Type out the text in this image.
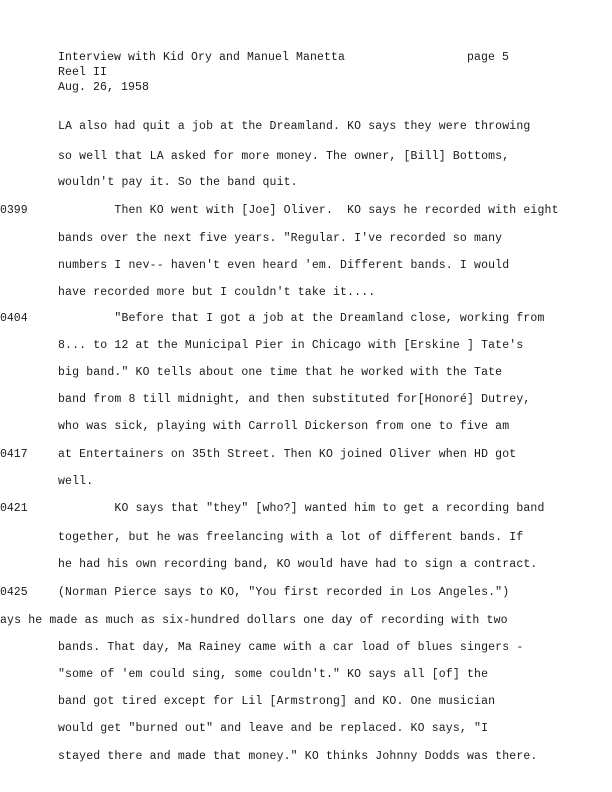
Interview with Kid Ory and Manuel Manetta	page 5
Reel II
Aug. 26, 1958
LA also had quit a job at the Dreamland. KO says they were throwing
so well that LA asked for more money. The owner, [Bill] Bottoms,
wouldn't pay it. So the band quit.
0399	Then KO went with [Joe] Oliver.  KO says he recorded with eight
bands over the next five years. "Regular. I've recorded so many
numbers I nev-- haven't even heard 'em. Different bands. I would
have recorded more but I couldn't take it....
0404	"Before that I got a job at the Dreamland close, working from
8... to 12 at the Municipal Pier in Chicago with [Erskine ] Tate's
big band." KO tells about one time that he worked with the Tate
band from 8 till midnight, and then substituted for[Honoré] Dutrey,
who was sick, playing with Carroll Dickerson from one to five am
0417	at Entertainers on 35th Street. Then KO joined Oliver when HD got
well.
0421	KO says that "they" [who?] wanted him to get a recording band
together, but he was freelancing with a lot of different bands. If
he had his own recording band, KO would have had to sign a contract.
0425	(Norman Pierce says to KO, "You first recorded in Los Angeles.")
ays he made as much as six-hundred dollars one day of recording with two
bands. That day, Ma Rainey came with a car load of blues singers -
"some of 'em could sing, some couldn't." KO says all [of] the
band got tired except for Lil [Armstrong] and KO. One musician
would get "burned out" and leave and be replaced. KO says, "I
stayed there and made that money." KO thinks Johnny Dodds was there.
